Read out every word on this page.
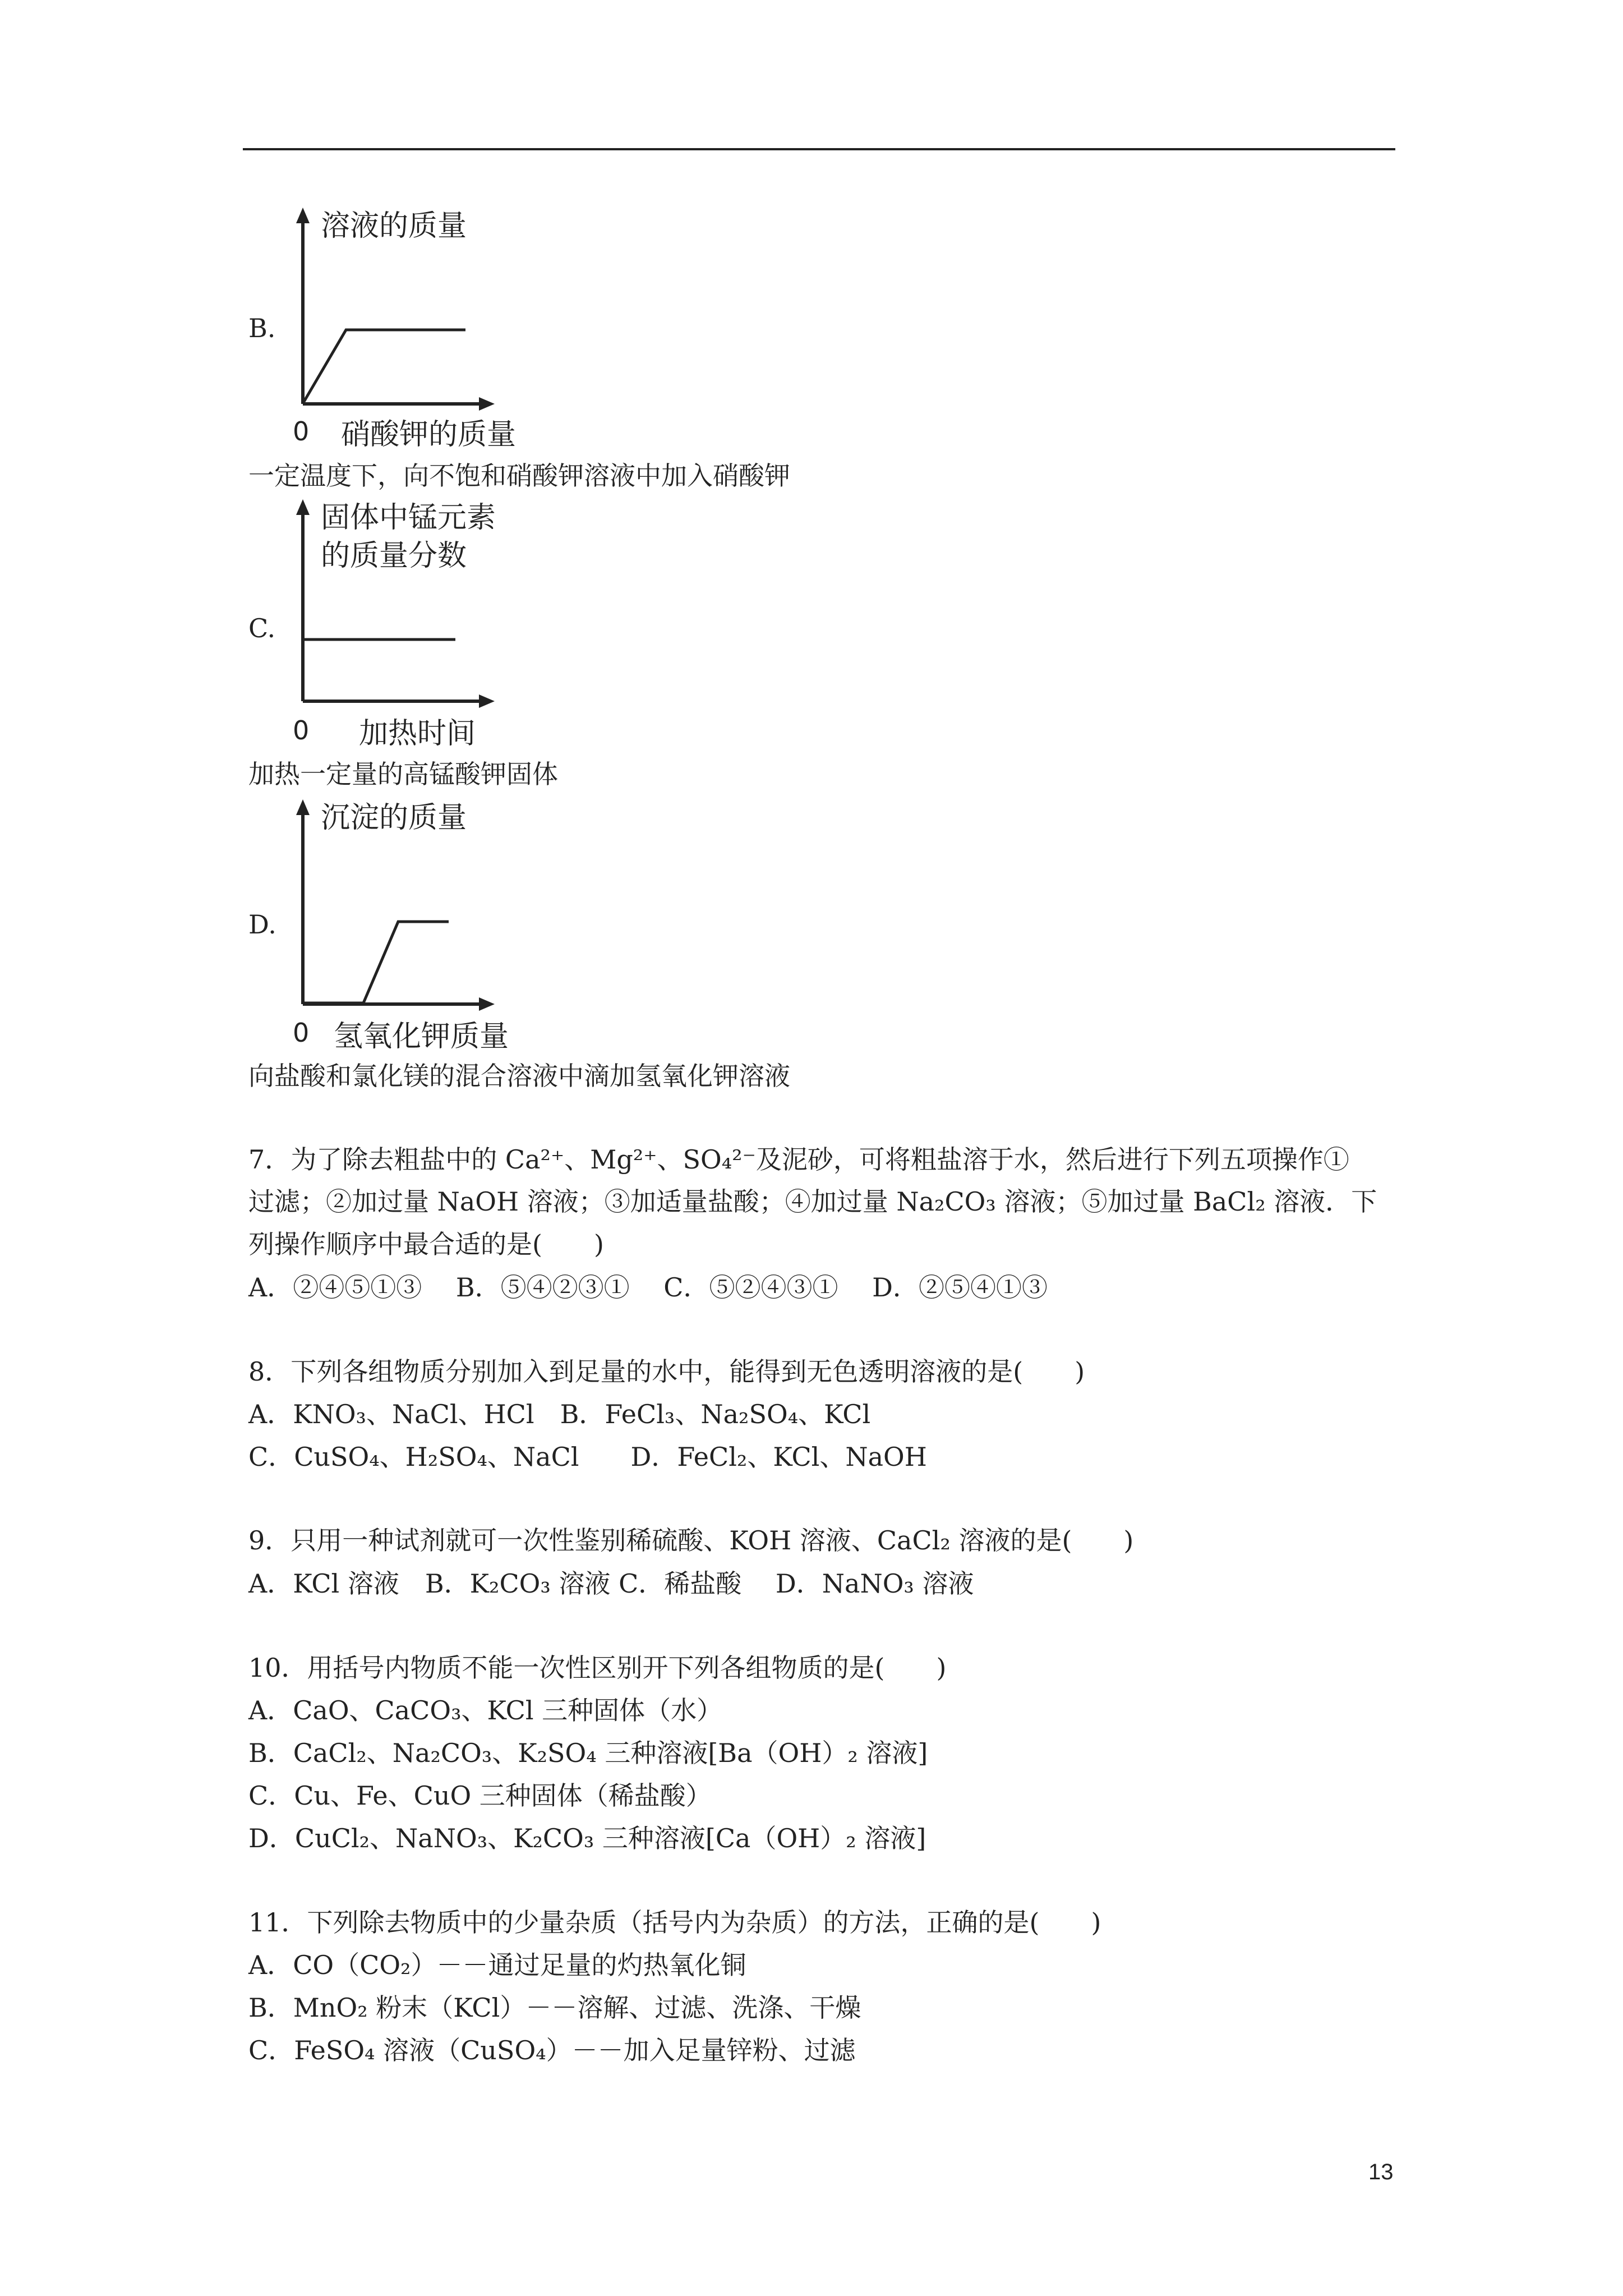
B.
溶液的质量
0 硝酸钾的质量
一定温度下，向不饱和硝酸钾溶液中加入硝酸钾
C.
固体中锰元素
的质量分数
0 加热时间
加热一定量的高锰酸钾固体
D.
沉淀的质量
0 氢氧化钾质量
向盐酸和氯化镁的混合溶液中滴加氢氧化钾溶液
7．为了除去粗盐中的 Ca²⁺、Mg²⁺、SO₄²⁻及泥砂，可将粗盐溶于水，然后进行下列五项操作①
过滤；②加过量 NaOH 溶液；③加适量盐酸；④加过量 Na₂CO₃ 溶液；⑤加过量 BaCl₂ 溶液．下
列操作顺序中最合适的是(　　)
A．②④⑤①③　 B．⑤④②③①　 C．⑤②④③①　 D．②⑤④①③
8．下列各组物质分别加入到足量的水中，能得到无色透明溶液的是(　　)
A．KNO₃、NaCl、HCl　B．FeCl₃、Na₂SO₄、KCl
C．CuSO₄、H₂SO₄、NaCl　　D．FeCl₂、KCl、NaOH
9．只用一种试剂就可一次性鉴别稀硫酸、KOH 溶液、CaCl₂ 溶液的是(　　)
A．KCl 溶液　B．K₂CO₃ 溶液 C．稀盐酸　 D．NaNO₃ 溶液
10．用括号内物质不能一次性区别开下列各组物质的是(　　)
A．CaO、CaCO₃、KCl 三种固体（水）
B．CaCl₂、Na₂CO₃、K₂SO₄ 三种溶液[Ba（OH）₂ 溶液]
C．Cu、Fe、CuO 三种固体（稀盐酸）
D．CuCl₂、NaNO₃、K₂CO₃ 三种溶液[Ca（OH）₂ 溶液]
11．下列除去物质中的少量杂质（括号内为杂质）的方法，正确的是(　　)
A．CO（CO₂）－－通过足量的灼热氧化铜
B．MnO₂ 粉末（KCl）－－溶解、过滤、洗涤、干燥
C．FeSO₄ 溶液（CuSO₄）－－加入足量锌粉、过滤
13
